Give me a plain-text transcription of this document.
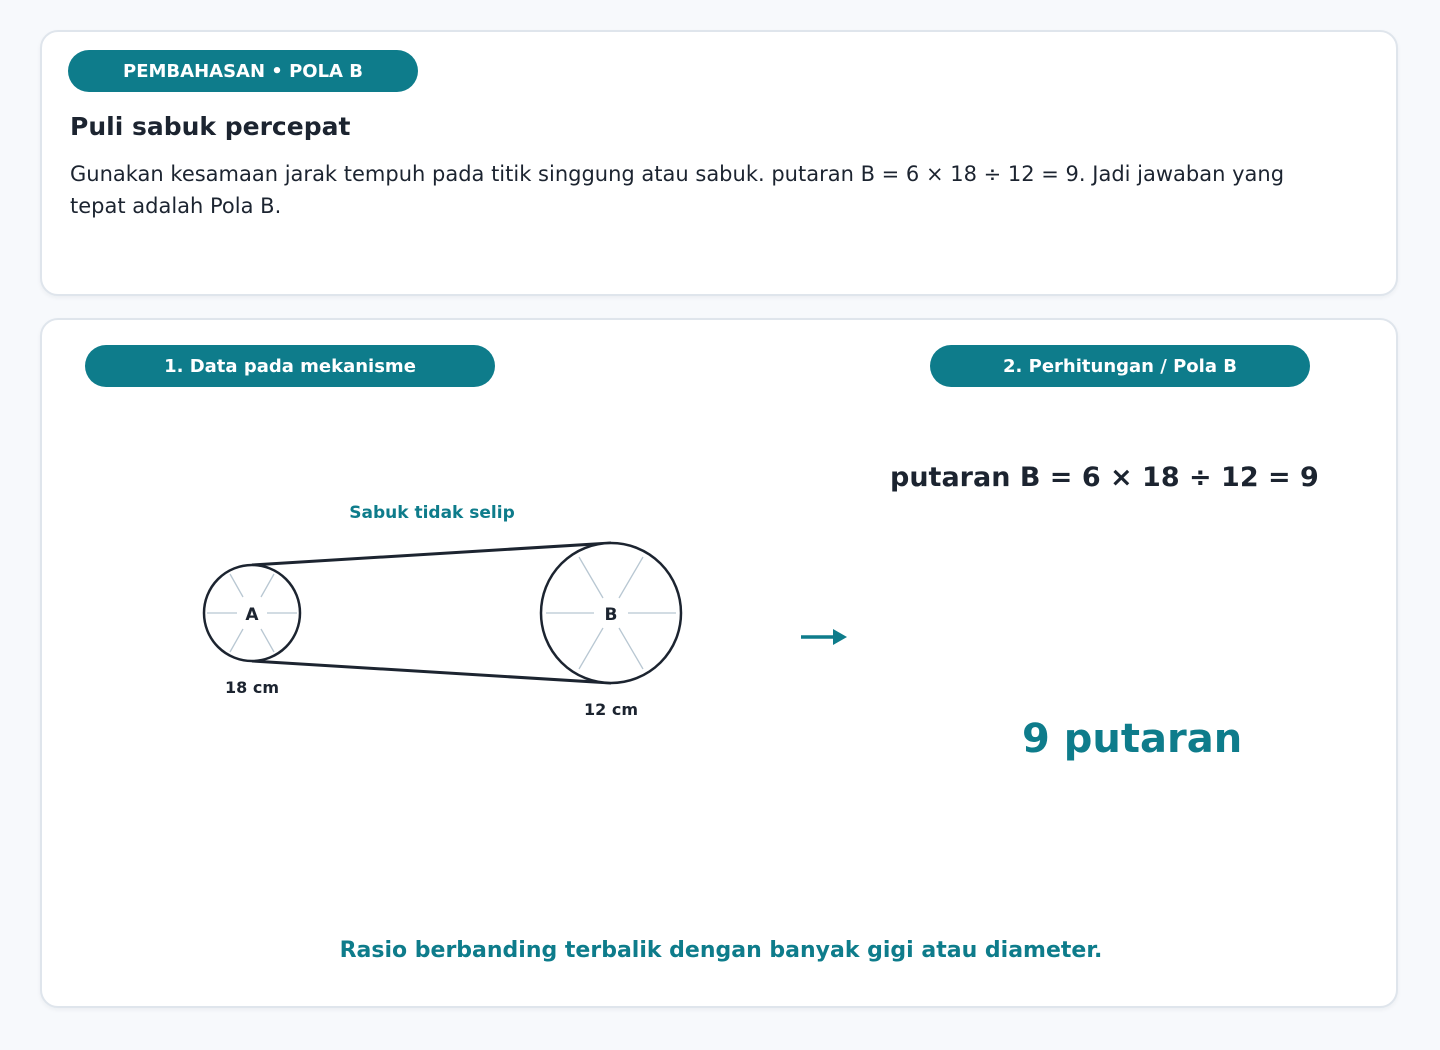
PEMBAHASAN • POLA B
Puli sabuk percepat

Gunakan kesamaan jarak tempuh pada titik singgung atau sabuk. putaran B = 6 × 18 ÷ 12 = 9. Jadi jawaban yang tepat adalah Pola B.

1. Data pada mekanisme	2. Perhitungan / Pola B
Sabuk tidak selip
A
18 cm
B
12 cm
putaran B = 6 × 18 ÷ 12 = 9
9 putaran
Rasio berbanding terbalik dengan banyak gigi atau diameter.
